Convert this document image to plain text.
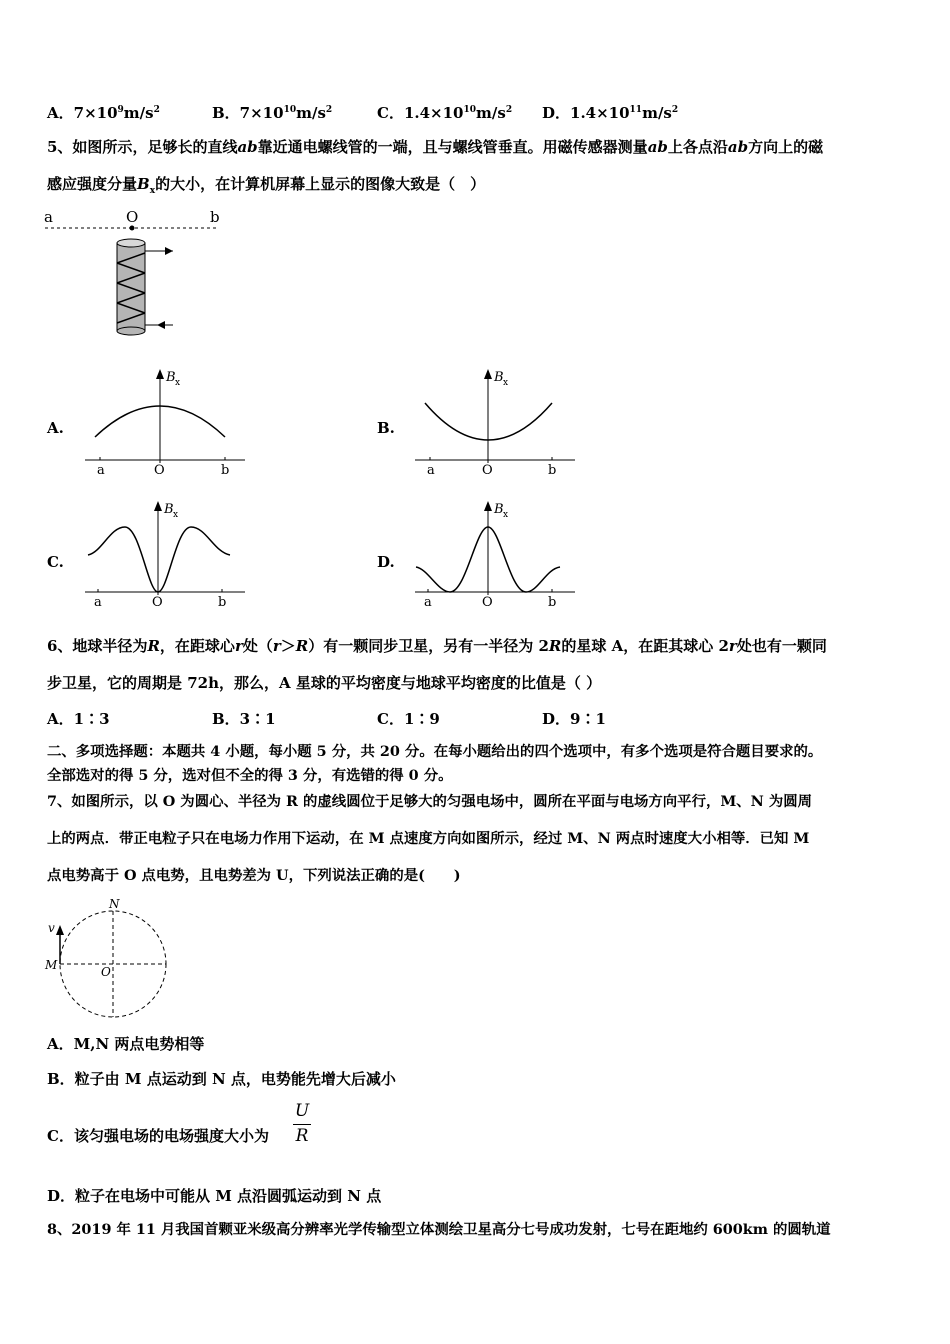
A．$7\times 10^9m/s^2$	B．$7\times 10^{10}m/s^2$	C．$1.4\times 10^{10}m/s^2$ D．$1.4\times 10^{11}m/s^2$
5、如图所示，足够长的直线ab靠近通电螺线管的一端，且与螺线管垂直。用磁传感器测量ab上各点沿ab方向上的磁
感应强度分量$B_x$的大小，在计算机屏幕上显示的图像大致是（　）
a	O	b
A.	B.
C.	D.
B x
a	O	b
B x
a	O	b
B x
a	O	b
B x
a	O	b
6、地球半径为R，在距球心r处（r＞R）有一颗同步卫星，另有一半径为 2R的星球 A，在距其球心 2r处也有一颗同
步卫星，它的周期是 72h，那么，A 星球的平均密度与地球平均密度的比值是（ ）
A．1∶3	B．3∶1	C．1∶9	D．9∶1
二、多项选择题：本题共 4 小题，每小题 5 分，共 20 分。在每小题给出的四个选项中，有多个选项是符合题目要求的。
全部选对的得 5 分，选对但不全的得 3 分，有选错的得 0 分。
7、如图所示，以 O 为圆心、半径为 R 的虚线圆位于足够大的匀强电场中，圆所在平面与电场方向平行，M、N 为圆周
上的两点．带正电粒子只在电场力作用下运动，在 M 点速度方向如图所示，经过 M、N 两点时速度大小相等．已知 M
点电势高于 O 点电势，且电势差为 U，下列说法正确的是(　　)
v
N
M	O
A．M,N 两点电势相等
B．粒子由 M 点运动到 N 点，电势能先增大后减小
C．该匀强电场的电场强度大小为
U
R
D．粒子在电场中可能从 M 点沿圆弧运动到 N 点
8、2019 年 11 月我国首颗亚米级高分辨率光学传输型立体测绘卫星高分七号成功发射，七号在距地约 600km 的圆轨道
